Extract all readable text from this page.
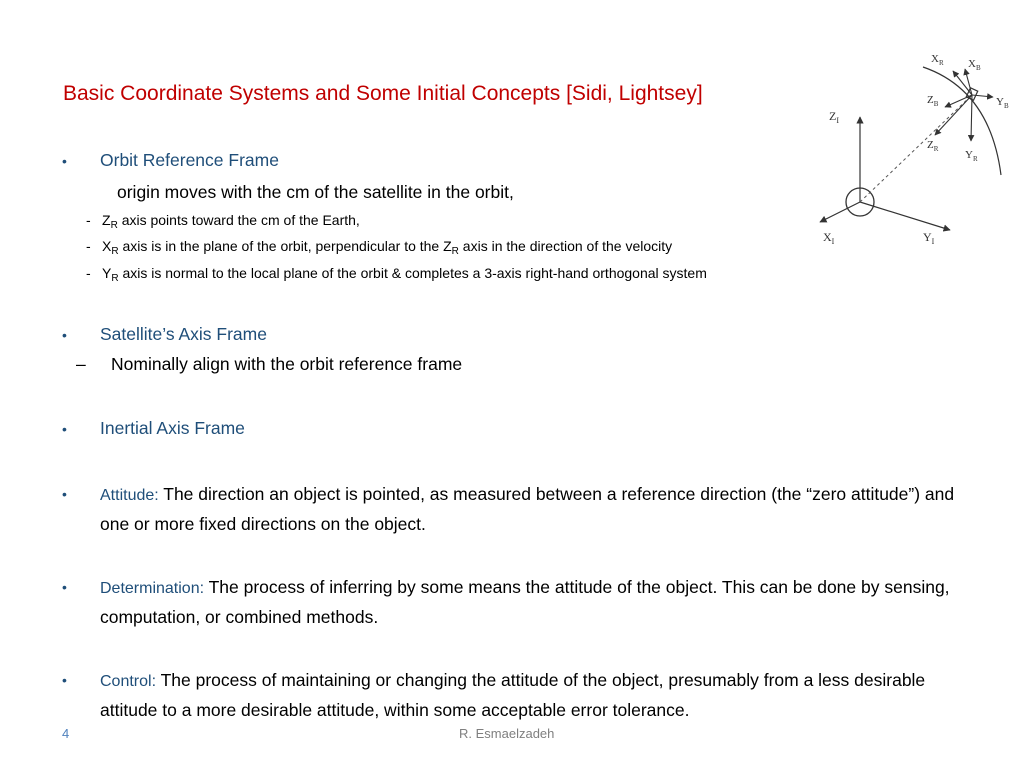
Basic Coordinate Systems and Some Initial Concepts [Sidi, Lightsey]
• Orbit Reference Frame
origin moves with the cm of the satellite in the orbit,
- $Z_R$ axis points toward the cm of the Earth,
- $X_R$ axis is in the plane of the orbit, perpendicular to the $Z_R$ axis in the direction of the velocity
- $Y_R$ axis is normal to the local plane of the orbit & completes a 3-axis right-hand orthogonal system
• Satellite’s Axis Frame
– Nominally align with the orbit reference frame
• Inertial Axis Frame
• Attitude: The direction an object is pointed, as measured between a reference direction (the “zero attitude”) and one or more fixed directions on the object.
• Determination: The process of inferring by some means the attitude of the object. This can be done by sensing, computation, or combined methods.
• Control: The process of maintaining or changing the attitude of the object, presumably from a less desirable attitude to a more desirable attitude, within some acceptable error tolerance.
4	R. Esmaelzadeh
$Z_I$
$X_I$	$Y_I$
$X_R$ $X_B$
$Z_B$	$Y_B$
$Z_R$ $Y_R$
